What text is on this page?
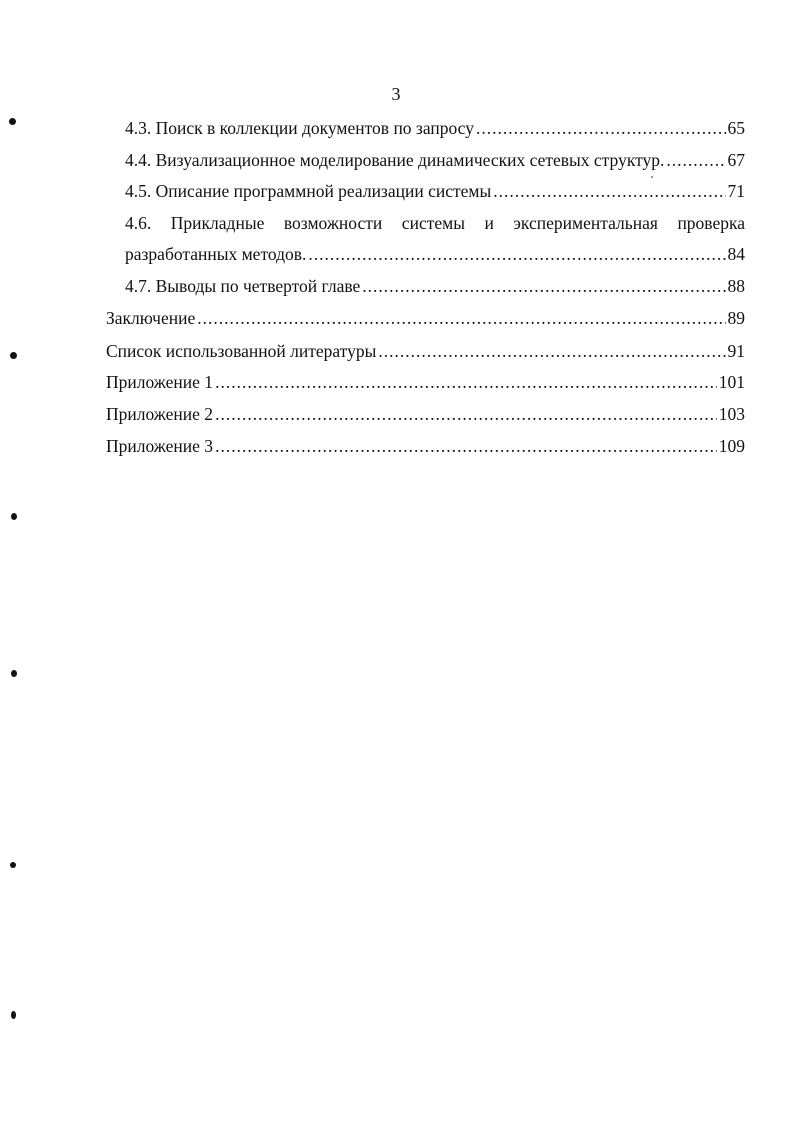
3
4.3. Поиск в коллекции документов по запросу .....	65
4.4. Визуализационное моделирование динамических сетевых структур. .....	67
4.5. Описание программной реализации системы .....	71
4.6. Прикладные возможности системы и экспериментальная проверка
разработанных методов. .....	84
4.7. Выводы по четвертой главе .....	88
Заключение .....	89
Список использованной литературы .....	91
Приложение 1 .....	101
Приложение 2 .....	103
Приложение 3 .....	109
